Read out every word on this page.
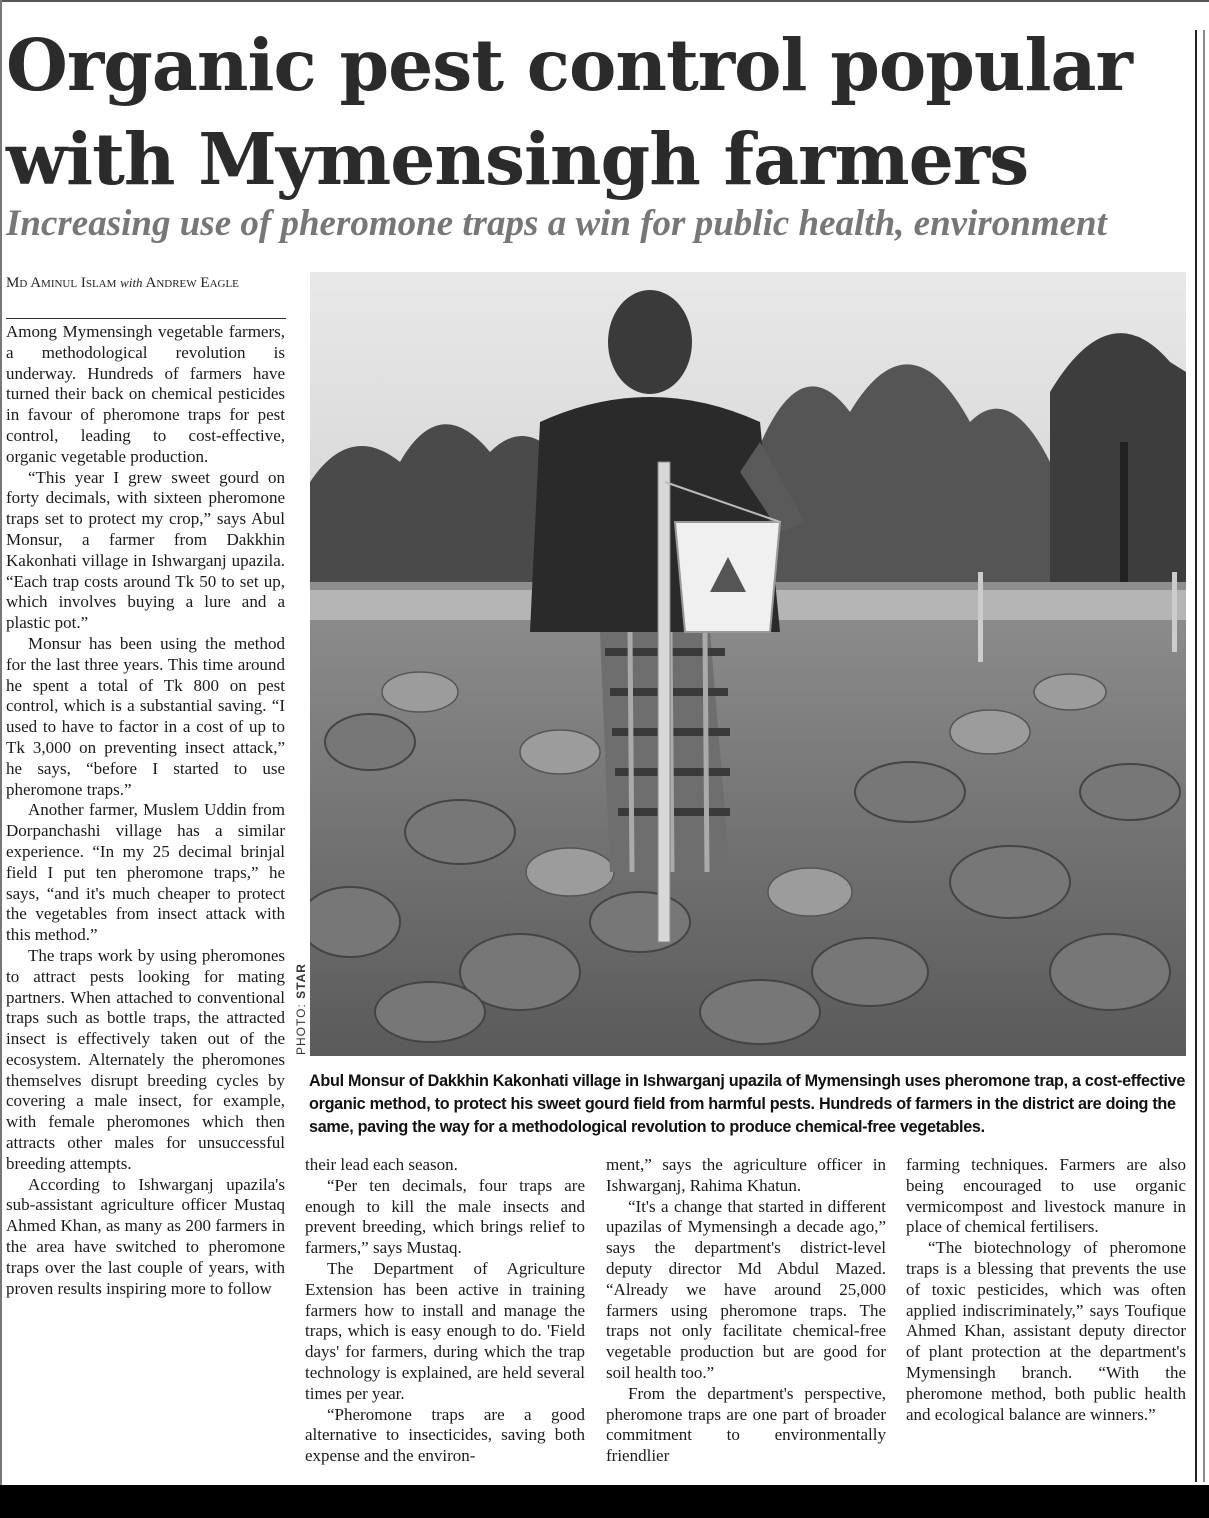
Organic pest control popular with Mymensingh farmers
Increasing use of pheromone traps a win for public health, environment
Md Aminul Islam with Andrew Eagle

Among Mymensingh vegetable farmers, a methodological revolution is underway. Hundreds of farmers have turned their back on chemical pesticides in favour of pheromone traps for pest control, leading to cost-effective, organic vegetable production.

“This year I grew sweet gourd on forty decimals, with sixteen pheromone traps set to protect my crop,” says Abul Monsur, a farmer from Dakkhin Kakonhati village in Ishwarganj upazila. “Each trap costs around Tk 50 to set up, which involves buying a lure and a plastic pot.”

Monsur has been using the method for the last three years. This time around he spent a total of Tk 800 on pest control, which is a substantial saving. “I used to have to factor in a cost of up to Tk 3,000 on preventing insect attack,” he says, “before I started to use pheromone traps.”

Another farmer, Muslem Uddin from Dorpanchashi village has a similar experience. “In my 25 decimal brinjal field I put ten pheromone traps,” he says, “and it's much cheaper to protect the vegetables from insect attack with this method.”

The traps work by using pheromones to attract pests looking for mating partners. When attached to conventional traps such as bottle traps, the attracted insect is effectively taken out of the ecosystem. Alternately the pheromones themselves disrupt breeding cycles by covering a male insect, for example, with female pheromones which then attracts other males for unsuccessful breeding attempts.

According to Ishwarganj upazila's sub-assistant agriculture officer Mustaq Ahmed Khan, as many as 200 farmers in the area have switched to pheromone traps over the last couple of years, with proven results inspiring more to follow

PHOTO: STAR
Abul Monsur of Dakkhin Kakonhati village in Ishwarganj upazila of Mymensingh uses pheromone trap, a cost-effective organic method, to protect his sweet gourd field from harmful pests. Hundreds of farmers in the district are doing the same, paving the way for a methodological revolution to produce chemical-free vegetables.

their lead each season.

“Per ten decimals, four traps are enough to kill the male insects and prevent breeding, which brings relief to farmers,” says Mustaq.

The Department of Agriculture Extension has been active in training farmers how to install and manage the traps, which is easy enough to do. 'Field days' for farmers, during which the trap technology is explained, are held several times per year.

“Pheromone traps are a good alternative to insecticides, saving both expense and the environ-

ment,” says the agriculture officer in Ishwarganj, Rahima Khatun.

“It's a change that started in different upazilas of Mymensingh a decade ago,” says the department's district-level deputy director Md Abdul Mazed. “Already we have around 25,000 farmers using pheromone traps. The traps not only facilitate chemical-free vegetable production but are good for soil health too.”

From the department's perspective, pheromone traps are one part of broader commitment to environmentally friendlier

farming techniques. Farmers are also being encouraged to use organic vermicompost and livestock manure in place of chemical fertilisers.

“The biotechnology of pheromone traps is a blessing that prevents the use of toxic pesticides, which was often applied indiscriminately,” says Toufique Ahmed Khan, assistant deputy director of plant protection at the department's Mymensingh branch. “With the pheromone method, both public health and ecological balance are winners.”
